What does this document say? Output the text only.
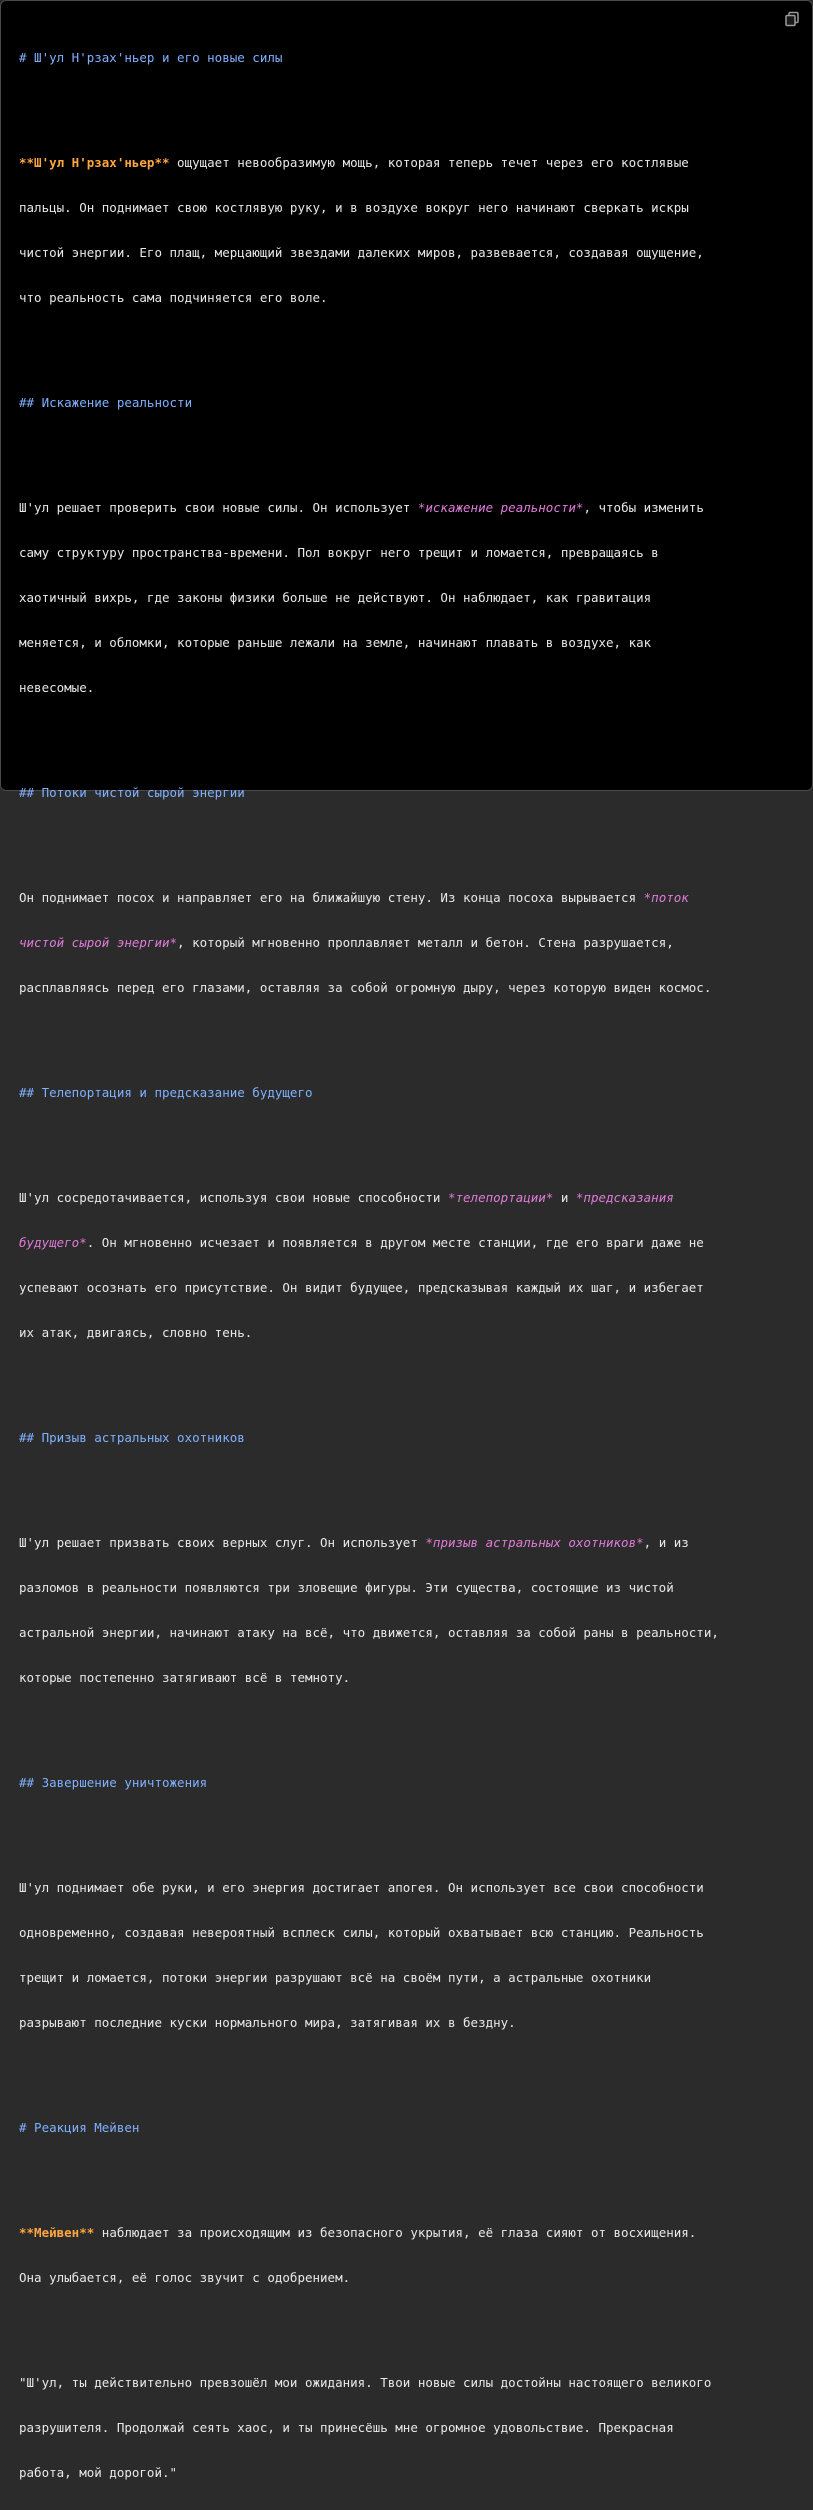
# Ш'ул Н'рзах'ньер и его новые силы

**Ш'ул Н'рзах'ньер** ощущает невообразимую мощь, которая теперь течет через его костлявые

пальцы. Он поднимает свою костлявую руку, и в воздухе вокруг него начинают сверкать искры

чистой энергии. Его плащ, мерцающий звездами далеких миров, развевается, создавая ощущение,

что реальность сама подчиняется его воле.

## Искажение реальности

Ш'ул решает проверить свои новые силы. Он использует *искажение реальности*, чтобы изменить

саму структуру пространства-времени. Пол вокруг него трещит и ломается, превращаясь в

хаотичный вихрь, где законы физики больше не действуют. Он наблюдает, как гравитация

меняется, и обломки, которые раньше лежали на земле, начинают плавать в воздухе, как

невесомые.

## Потоки чистой сырой энергии

Он поднимает посох и направляет его на ближайшую стену. Из конца посоха вырывается *поток

чистой сырой энергии*, который мгновенно проплавляет металл и бетон. Стена разрушается,

расплавляясь перед его глазами, оставляя за собой огромную дыру, через которую виден космос.

## Телепортация и предсказание будущего

Ш'ул сосредотачивается, используя свои новые способности *телепортации* и *предсказания

будущего*. Он мгновенно исчезает и появляется в другом месте станции, где его враги даже не

успевают осознать его присутствие. Он видит будущее, предсказывая каждый их шаг, и избегает

их атак, двигаясь, словно тень.

## Призыв астральных охотников

Ш'ул решает призвать своих верных слуг. Он использует *призыв астральных охотников*, и из

разломов в реальности появляются три зловещие фигуры. Эти существа, состоящие из чистой

астральной энергии, начинают атаку на всё, что движется, оставляя за собой раны в реальности,

которые постепенно затягивают всё в темноту.

## Завершение уничтожения

Ш'ул поднимает обе руки, и его энергия достигает апогея. Он использует все свои способности

одновременно, создавая невероятный всплеск силы, который охватывает всю станцию. Реальность

трещит и ломается, потоки энергии разрушают всё на своём пути, а астральные охотники

разрывают последние куски нормального мира, затягивая их в бездну.

# Реакция Мейвен

**Мейвен** наблюдает за происходящим из безопасного укрытия, её глаза сияют от восхищения.

Она улыбается, её голос звучит с одобрением.

"Ш'ул, ты действительно превзошёл мои ожидания. Твои новые силы достойны настоящего великого

разрушителя. Продолжай сеять хаос, и ты принесёшь мне огромное удовольствие. Прекрасная

работа, мой дорогой."
